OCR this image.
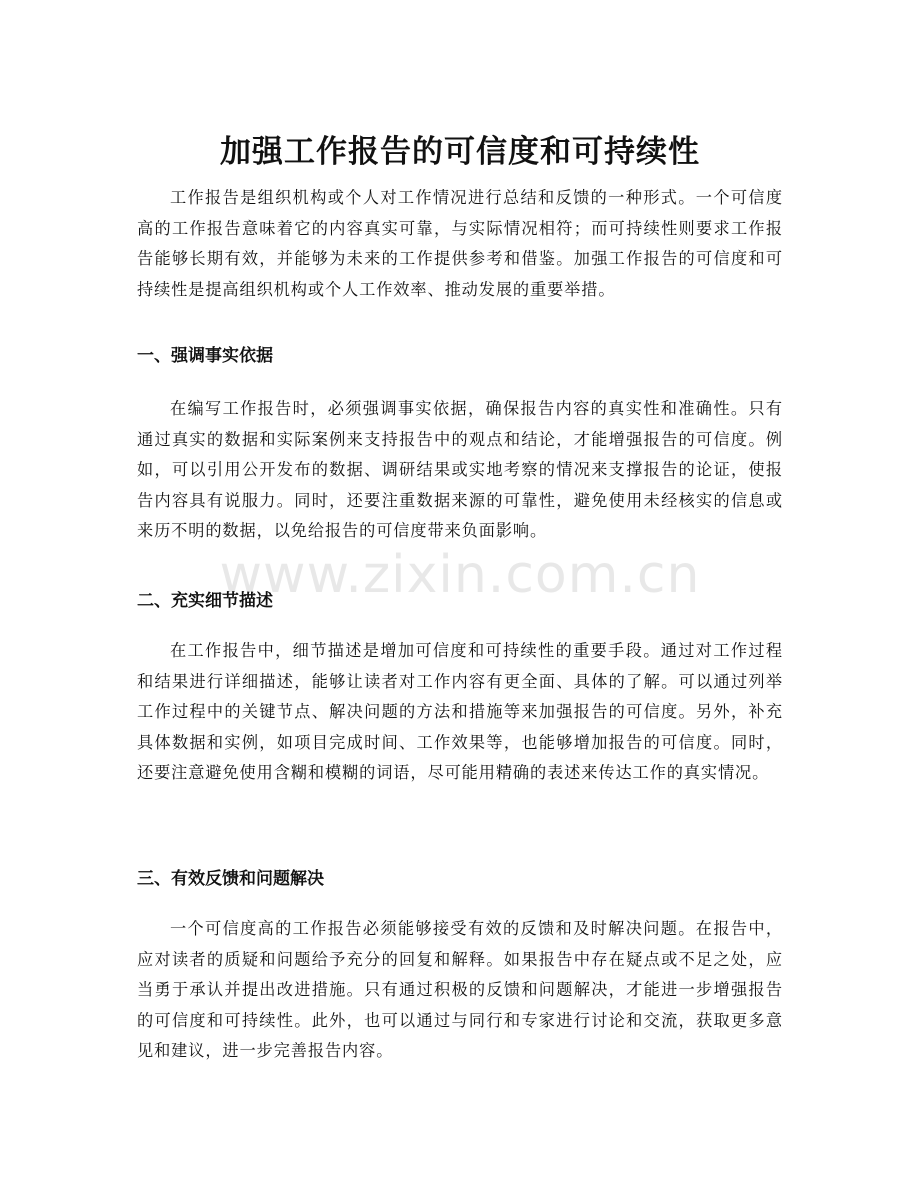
www.zixin.com.cn
加强工作报告的可信度和可持续性

工作报告是组织机构或个人对工作情况进行总结和反馈的一种形式。一个可信度高的工作报告意味着它的内容真实可靠，与实际情况相符；而可持续性则要求工作报告能够长期有效，并能够为未来的工作提供参考和借鉴。加强工作报告的可信度和可持续性是提高组织机构或个人工作效率、推动发展的重要举措。

一、强调事实依据

在编写工作报告时，必须强调事实依据，确保报告内容的真实性和准确性。只有通过真实的数据和实际案例来支持报告中的观点和结论，才能增强报告的可信度。例如，可以引用公开发布的数据、调研结果或实地考察的情况来支撑报告的论证，使报告内容具有说服力。同时，还要注重数据来源的可靠性，避免使用未经核实的信息或来历不明的数据，以免给报告的可信度带来负面影响。

二、充实细节描述

在工作报告中，细节描述是增加可信度和可持续性的重要手段。通过对工作过程和结果进行详细描述，能够让读者对工作内容有更全面、具体的了解。可以通过列举工作过程中的关键节点、解决问题的方法和措施等来加强报告的可信度。另外，补充具体数据和实例，如项目完成时间、工作效果等，也能够增加报告的可信度。同时，还要注意避免使用含糊和模糊的词语，尽可能用精确的表述来传达工作的真实情况。

三、有效反馈和问题解决

一个可信度高的工作报告必须能够接受有效的反馈和及时解决问题。在报告中，应对读者的质疑和问题给予充分的回复和解释。如果报告中存在疑点或不足之处，应当勇于承认并提出改进措施。只有通过积极的反馈和问题解决，才能进一步增强报告的可信度和可持续性。此外，也可以通过与同行和专家进行讨论和交流，获取更多意见和建议，进一步完善报告内容。
